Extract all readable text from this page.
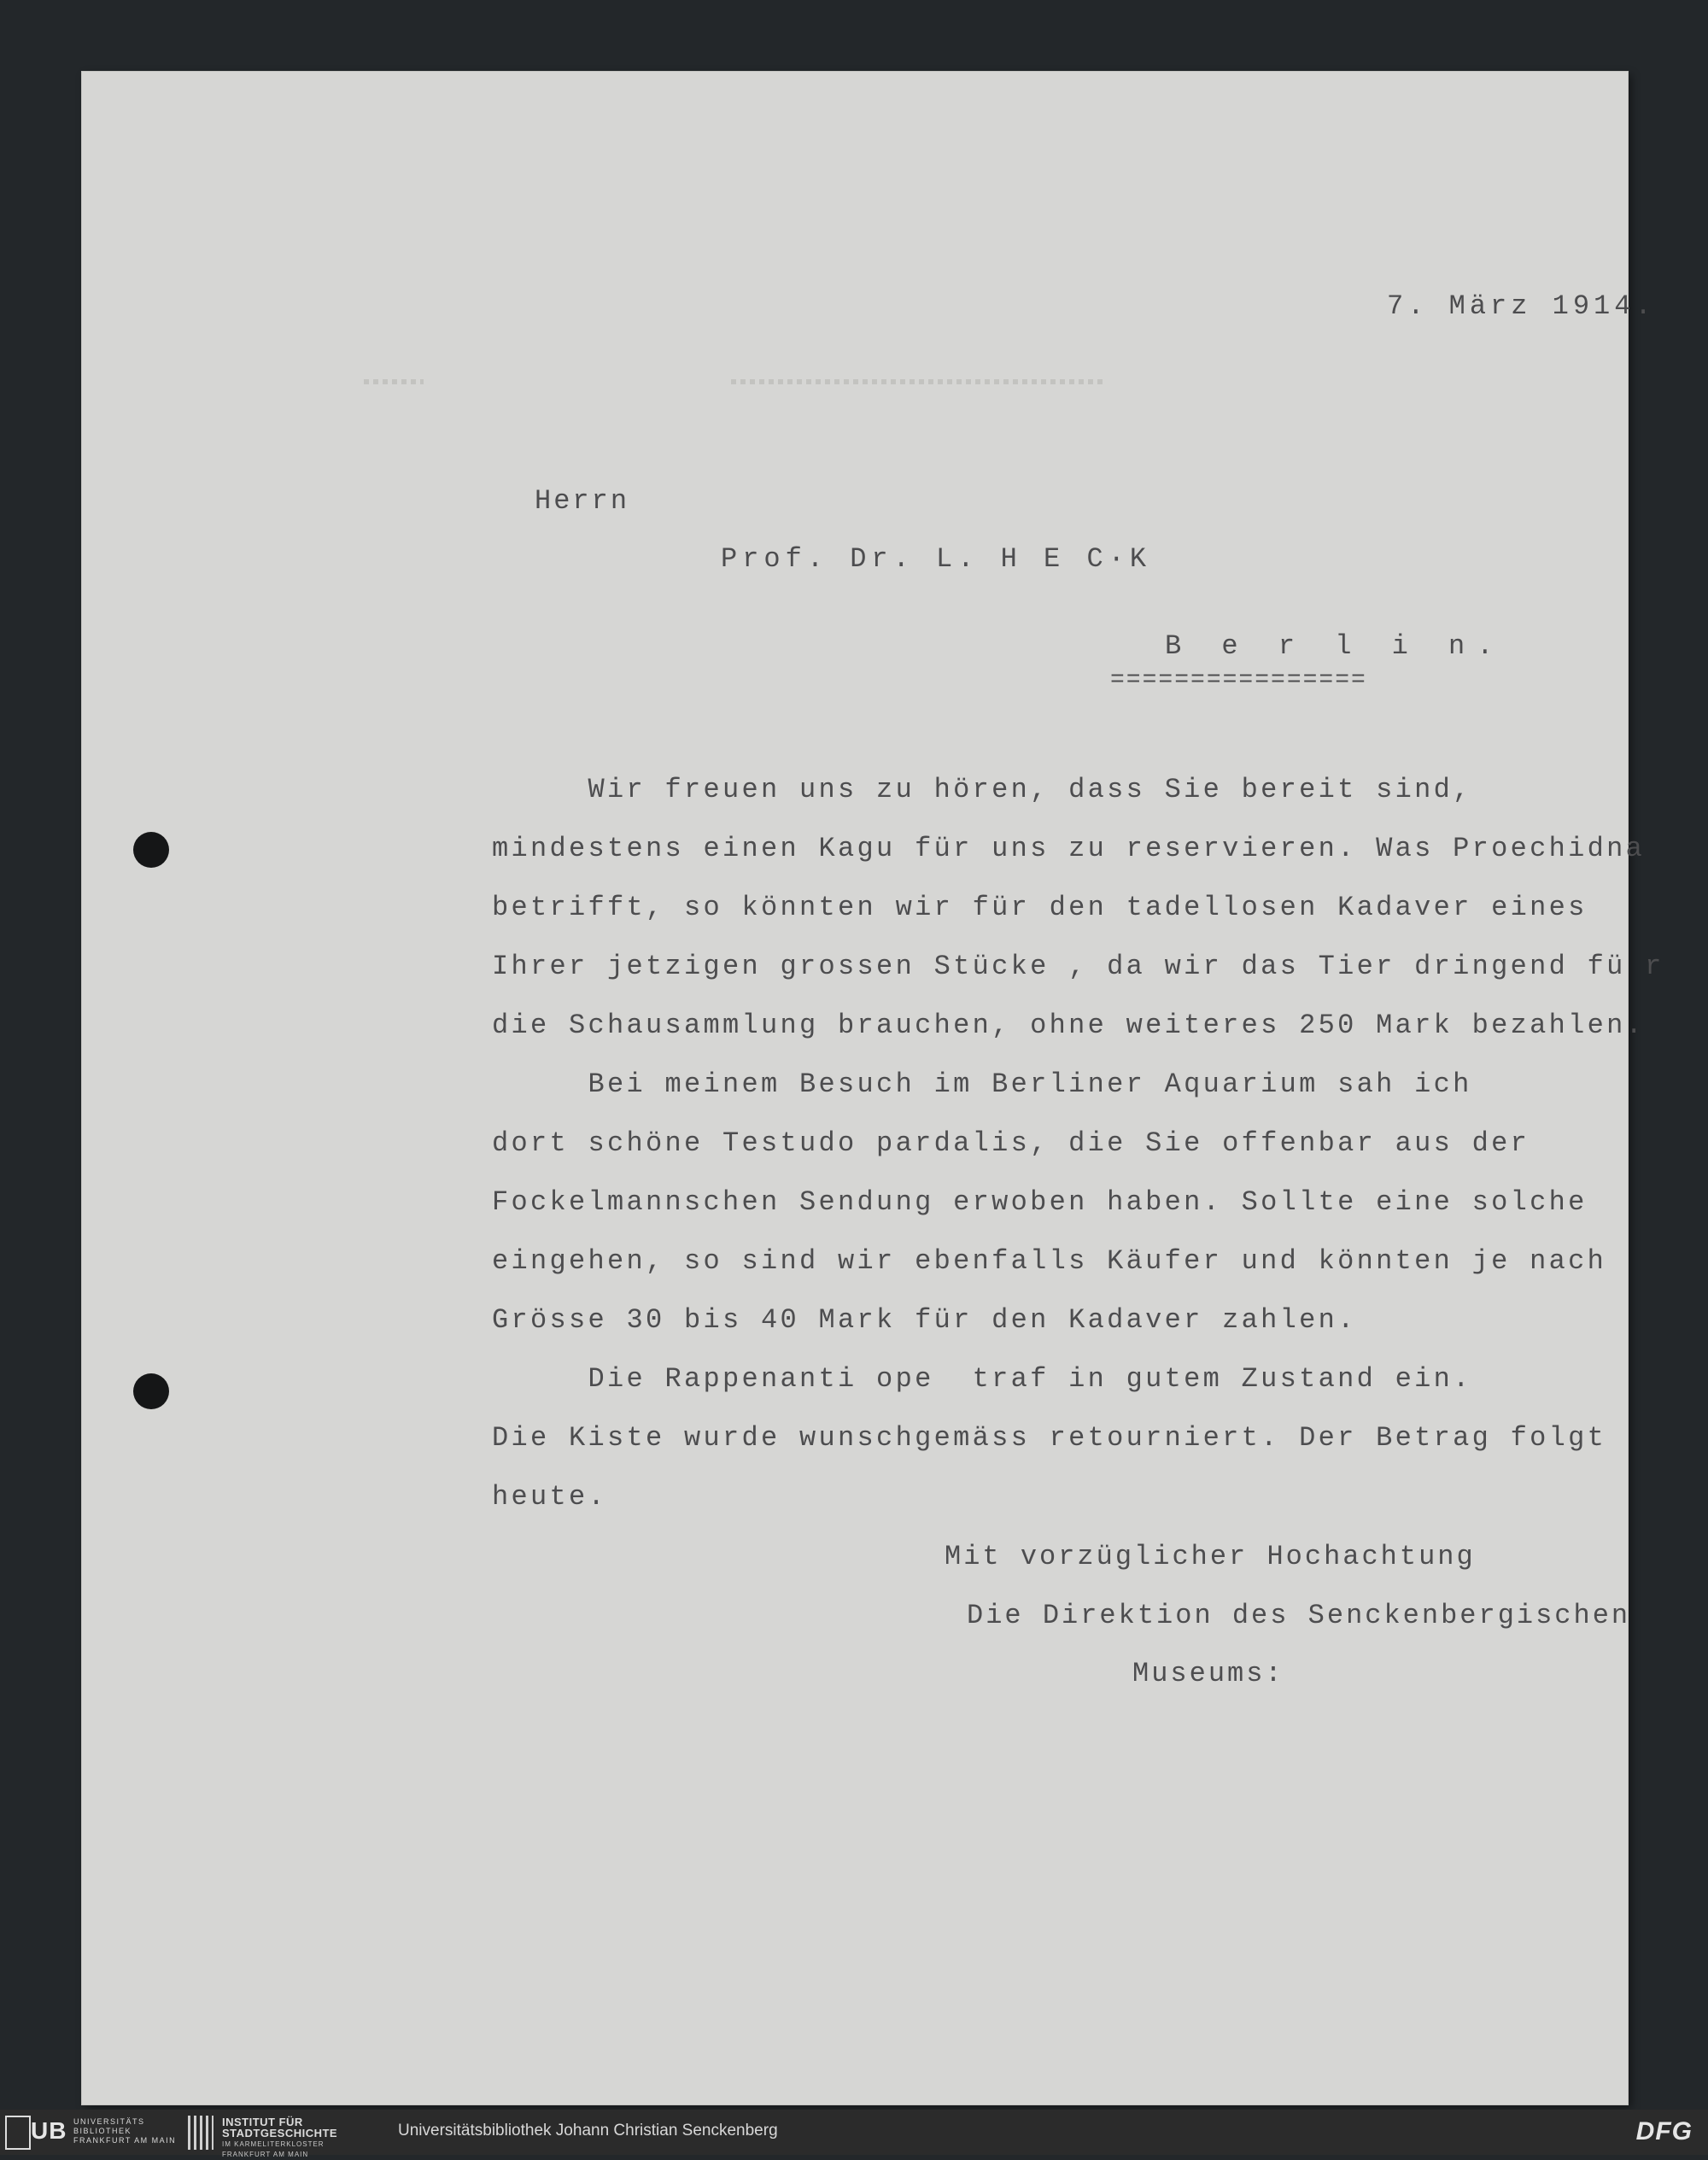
7. März 1914.
Herrn
Prof. Dr. L. H E C·K
B e r l i n.
================
Wir freuen uns zu hören, dass Sie bereit sind,
mindestens einen Kagu für uns zu reservieren. Was Proechidna
betrifft, so könnten wir für den tadellosen Kadaver eines
Ihrer jetzigen grossen Stücke , da wir das Tier dringend fü r
die Schausammlung brauchen, ohne weiteres 250 Mark bezahlen.
Bei meinem Besuch im Berliner Aquarium sah ich
dort schöne Testudo pardalis, die Sie offenbar aus der
Fockelmannschen Sendung erwoben haben. Sollte eine solche
eingehen, so sind wir ebenfalls Käufer und könnten je nach
Grösse 30 bis 40 Mark für den Kadaver zahlen.
Die Rappenanti ope  traf in gutem Zustand ein.
Die Kiste wurde wunschgemäss retourniert. Der Betrag folgt
heute.
Mit vorzüglicher Hochachtung
Die Direktion des Senckenbergischen
Museums:
UB UNIVERSITÄTS
BIBLIOTHEK
FRANKFURT AM MAIN
INSTITUT FÜR
STADTGESCHICHTE
IM KARMELITERKLOSTER
FRANKFURT AM MAIN
Universitätsbibliothek Johann Christian Senckenberg	DFG
